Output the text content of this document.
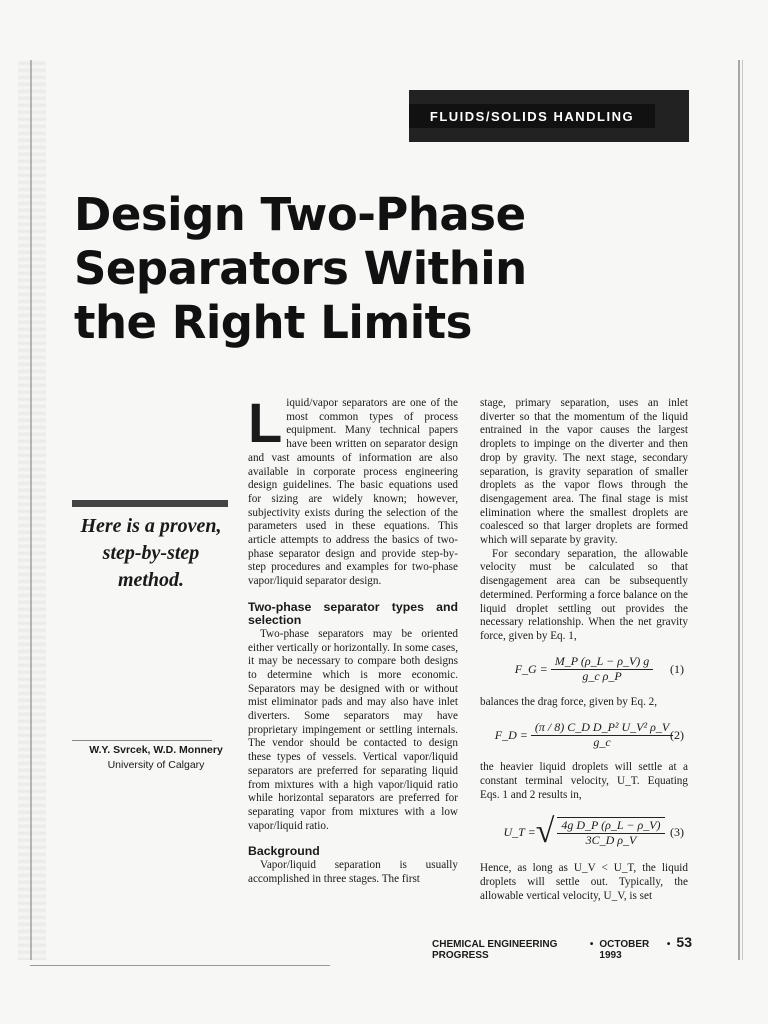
FLUIDS/SOLIDS HANDLING
Design Two-Phase
Separators Within
the Right Limits
Here is a proven,
step-by-step
method.
W.Y. Svrcek, W.D. Monnery
University of Calgary

Liquid/vapor separators are one of the most common types of process equipment. Many technical papers have been written on separator design and vast amounts of information are also available in corporate process engineering design guidelines. The basic equations used for sizing are widely known; however, subjectivity exists during the selection of the parameters used in these equations. This article attempts to address the basics of two-phase separator design and provide step-by-step procedures and examples for two-phase vapor/liquid separator design.

Two-phase separator types and selection

Two-phase separators may be oriented either vertically or horizontally. In some cases, it may be necessary to compare both designs to determine which is more economic. Separators may be designed with or without mist eliminator pads and may also have inlet diverters. Some separators may have proprietary impingement or settling internals. The vendor should be contacted to design these types of vessels. Vertical vapor/liquid separators are preferred for separating liquid from mixtures with a high vapor/liquid ratio while horizontal separators are preferred for separating vapor from mixtures with a low vapor/liquid ratio.

Background

Vapor/liquid separation is usually accomplished in three stages. The first

stage, primary separation, uses an inlet diverter so that the momentum of the liquid entrained in the vapor causes the largest droplets to impinge on the diverter and then drop by gravity. The next stage, secondary separation, is gravity separation of smaller droplets as the vapor flows through the disengagement area. The final stage is mist elimination where the smallest droplets are coalesced so that larger droplets are formed which will separate by gravity.

For secondary separation, the allowable velocity must be calculated so that disengagement area can be subsequently determined. Performing a force balance on the liquid droplet settling out provides the necessary relationship. When the net gravity force, given by Eq. 1,

F_G = $\frac{M\_P (\rho\_L - \rho\_V) g}{\text{g\_c ρ\_P}} (1)$

balances the drag force, given by Eq. 2,

F_D = $\frac{\text{(π / 8) C\_D D\_P² U\_V² ρ\_V}}{g\_c}$
(2)

the heavier liquid droplets will settle at a constant terminal velocity, U_T. Equating Eqs. 1 and 2 results in,

U_T = √ $\frac{\text{4g D\_P (ρ\_L − ρ\_V)}}{\text{3C\_D ρ\_V}} (3)$

Hence, as long as U_V < U_T, the liquid droplets will settle out. Typically, the allowable vertical velocity, U_V, is set

CHEMICAL ENGINEERING PROGRESS
• OCTOBER 1993
• 53
